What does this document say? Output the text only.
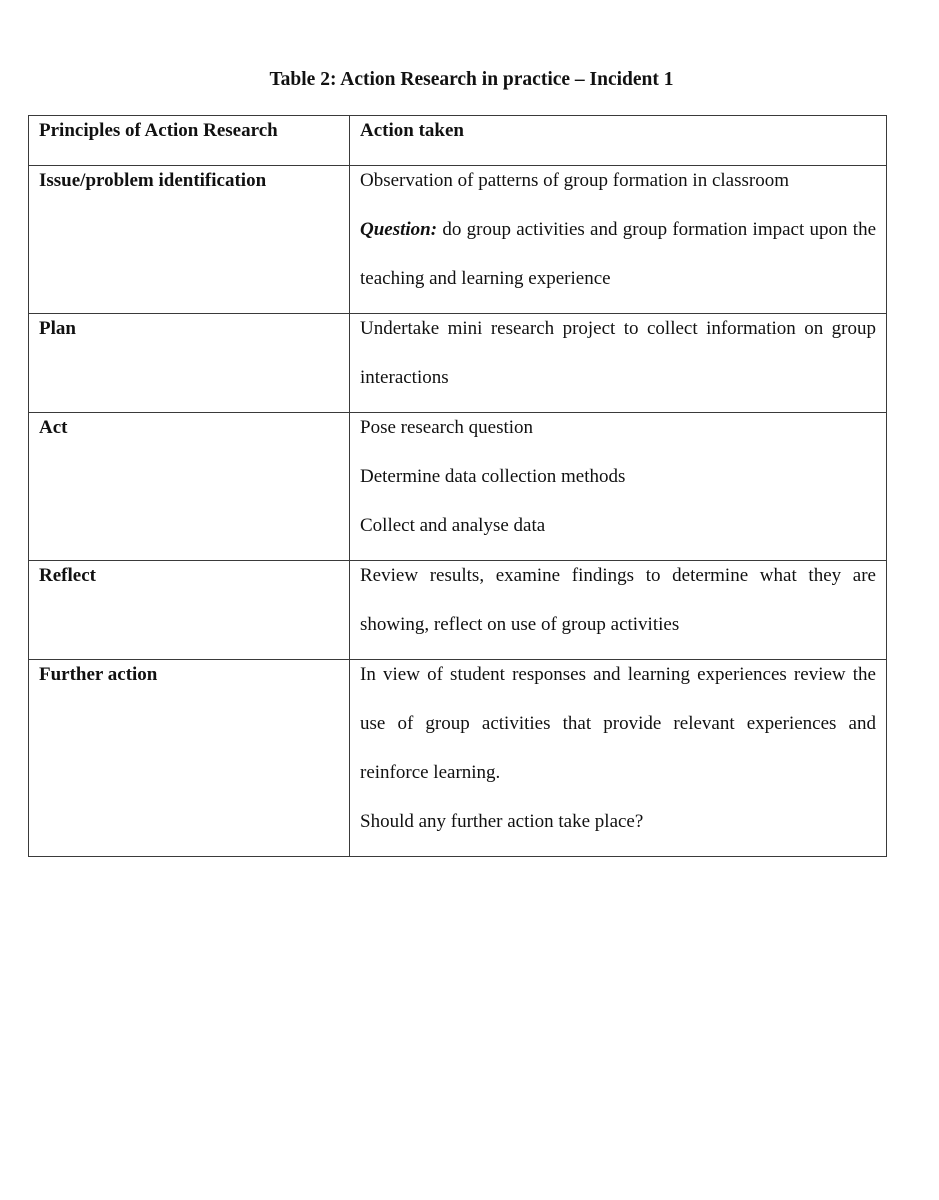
Table 2: Action Research in practice – Incident 1
Principles of Action Research	Action taken

Issue/problem identification	Observation of patterns of group formation in classroom

Question: do group activities and group formation impact upon the teaching and learning experience

Plan	Undertake mini research project to collect information on group interactions

Act	Pose research question

Determine data collection methods

Collect and analyse data

Reflect	Review results, examine findings to determine what they are showing, reflect on use of group activities

Further action	In view of student responses and learning experiences review the use of group activities that provide relevant experiences and reinforce learning.

Should any further action take place?
